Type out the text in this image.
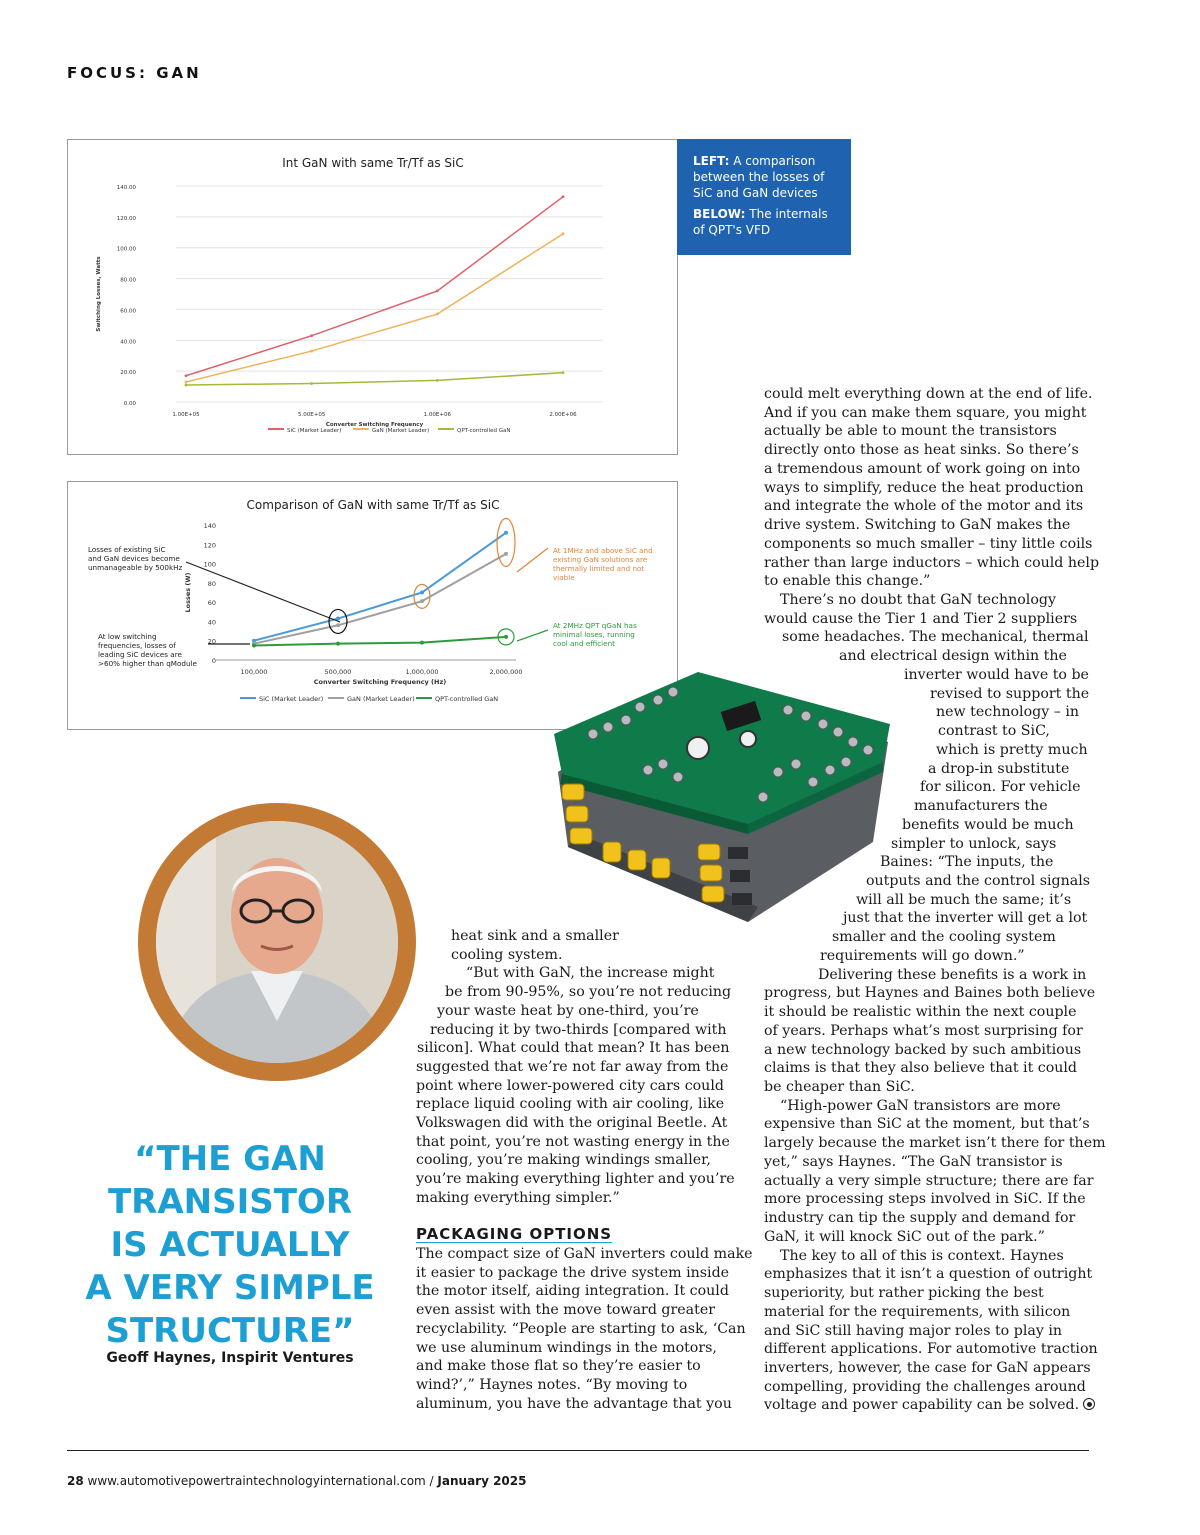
FOCUS: GAN
Int GaN with same Tr/Tf as SiC
0.00
20.00
40.00
60.00
80.00
100.00
120.00
140.00
1.00E+05	5.00E+05	1.00E+06	2.00E+06
Converter Switching Frequency
Switching Losses, Watts
SiC (Market Leader)	GaN (Market Leader)	QPT-controlled GaN

LEFT: A comparison between the losses of SiC and GaN devices

BELOW: The internals of QPT's VFD

Comparison of GaN with same Tr/Tf as SiC
0
20
40
60
80
100
120
140
100,000	500,000	1,000,000	2,000,000
Converter Switching Frequency (Hz)
Losses (W)
SiC (Market Leader)	GaN (Market Leader)	QPT-controlled GaN
Losses of existing SiC
and GaN devices become
unmanageable by 500kHz
At low switching
frequencies, losses of
leading SiC devices are
>60% higher than qModule
At 1MHz and above SiC and
existing GaN solutions are
thermally limited and not
viable
At 2MHz QPT qGaN has
minimal loses, running
cool and efficient
“THE GAN
TRANSISTOR
IS ACTUALLY
A VERY SIMPLE
STRUCTURE”
Geoff Haynes, Inspirit Ventures
heat sink and a smaller
cooling system.
“But with GaN, the increase might
be from 90-95%, so you’re not reducing
your waste heat by one-third, you’re
reducing it by two-thirds [compared with
silicon]. What could that mean? It has been
suggested that we’re not far away from the
point where lower-powered city cars could
replace liquid cooling with air cooling, like
Volkswagen did with the original Beetle. At
that point, you’re not wasting energy in the
cooling, you’re making windings smaller,
you’re making everything lighter and you’re
making everything simpler.”
The compact size of GaN inverters could make
it easier to package the drive system inside
the motor itself, aiding integration. It could
even assist with the move toward greater
recyclability. “People are starting to ask, ‘Can
we use aluminum windings in the motors,
and make those flat so they’re easier to
wind?’,” Haynes notes. “By moving to
aluminum, you have the advantage that you
PACKAGING OPTIONS
could melt everything down at the end of life.
And if you can make them square, you might
actually be able to mount the transistors
directly onto those as heat sinks. So there’s
a tremendous amount of work going on into
ways to simplify, reduce the heat production
and integrate the whole of the motor and its
drive system. Switching to GaN makes the
components so much smaller – tiny little coils
rather than large inductors – which could help
to enable this change.”
There’s no doubt that GaN technology
would cause the Tier 1 and Tier 2 suppliers
some headaches. The mechanical, thermal
and electrical design within the
inverter would have to be
revised to support the
new technology – in
contrast to SiC,
which is pretty much
a drop-in substitute
for silicon. For vehicle
manufacturers the
benefits would be much
simpler to unlock, says
Baines: “The inputs, the
outputs and the control signals
will all be much the same; it’s
just that the inverter will get a lot
smaller and the cooling system
requirements will go down.”
Delivering these benefits is a work in
progress, but Haynes and Baines both believe
it should be realistic within the next couple
of years. Perhaps what’s most surprising for
a new technology backed by such ambitious
claims is that they also believe that it could
be cheaper than SiC.
“High-power GaN transistors are more
expensive than SiC at the moment, but that’s
largely because the market isn’t there for them
yet,” says Haynes. “The GaN transistor is
actually a very simple structure; there are far
more processing steps involved in SiC. If the
industry can tip the supply and demand for
GaN, it will knock SiC out of the park.”
The key to all of this is context. Haynes
emphasizes that it isn’t a question of outright
superiority, but rather picking the best
material for the requirements, with silicon
and SiC still having major roles to play in
different applications. For automotive traction
inverters, however, the case for GaN appears
compelling, providing the challenges around
voltage and power capability can be solved.
28 www.automotivepowertraintechnologyinternational.com / January 2025
